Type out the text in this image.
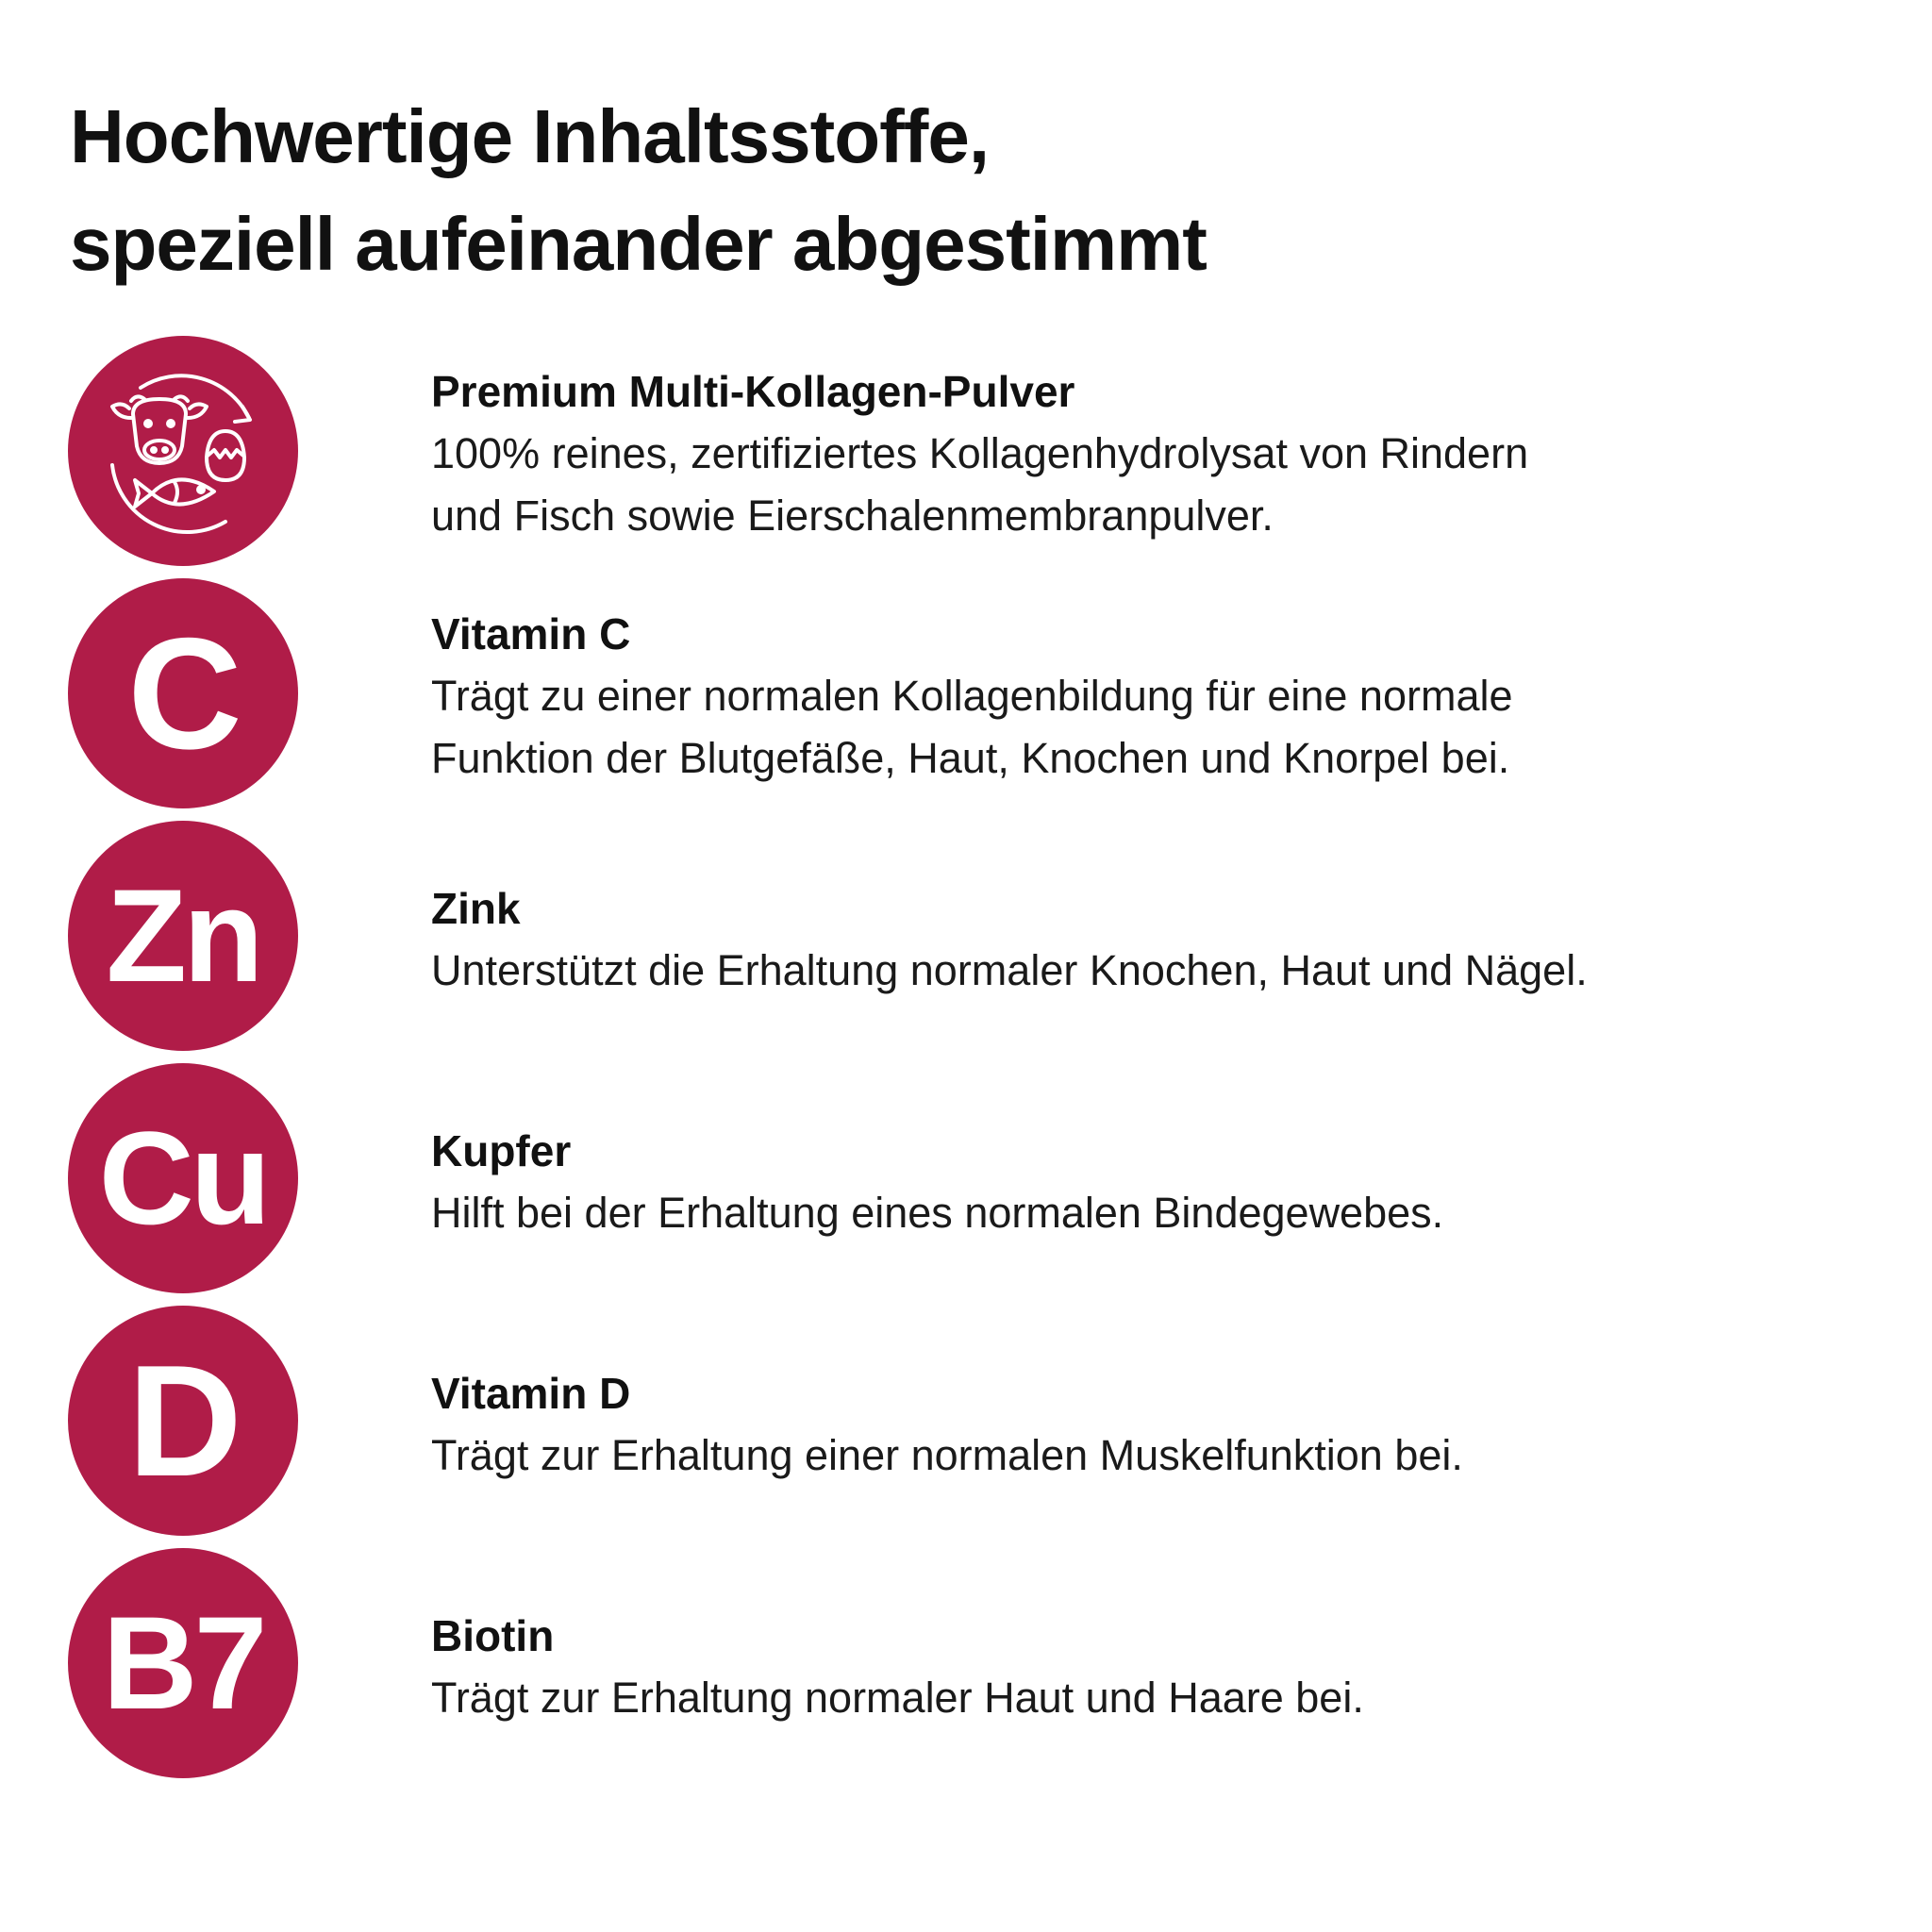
Hochwertige Inhaltsstoffe,
speziell aufeinander abgestimmt
Premium Multi-Kollagen-Pulver
100% reines, zertifiziertes Kollagenhydrolysat von Rindern
und Fisch sowie Eierschalenmembranpulver.
C	Vitamin C
Trägt zu einer normalen Kollagenbildung für eine normale
Funktion der Blutgefäße, Haut, Knochen und Knorpel bei.
Zn	Zink
Unterstützt die Erhaltung normaler Knochen, Haut und Nägel.
Cu	Kupfer
Hilft bei der Erhaltung eines normalen Bindegewebes.
D	Vitamin D
Trägt zur Erhaltung einer normalen Muskelfunktion bei.
B7	Biotin
Trägt zur Erhaltung normaler Haut und Haare bei.
